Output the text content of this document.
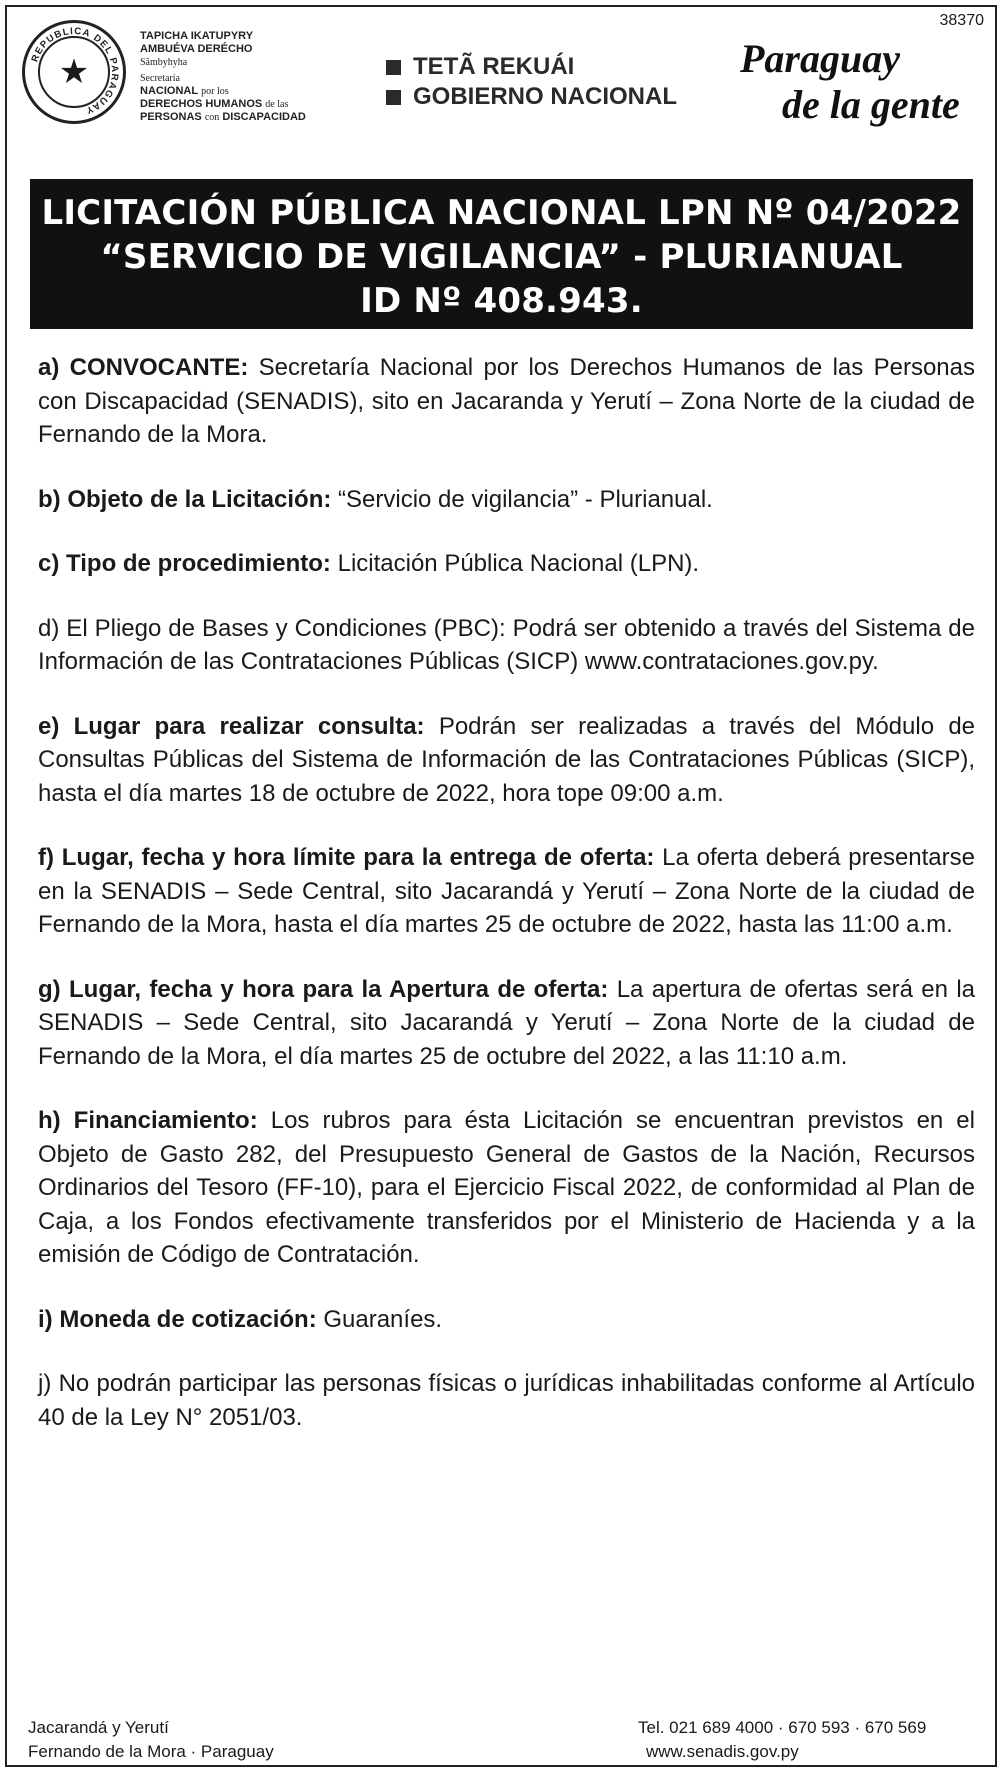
38370
REPUBLICA DEL PARAGUAY
★
TAPICHA IKATUPYRY
AMBUÉVA DERÉCHO
Sãmbyhyha
Secretaría
NACIONAL por los
DERECHOS HUMANOS de las
PERSONAS con DISCAPACIDAD
TETÃ REKUÁI
GOBIERNO NACIONAL
Paraguay
de la gente
LICITACIÓN PÚBLICA NACIONAL LPN Nº 04/2022
“SERVICIO DE VIGILANCIA” - PLURIANUAL
ID Nº 408.943.

a) CONVOCANTE: Secretaría Nacional por los Derechos Humanos de las Personas con Discapacidad (SENADIS), sito en Jacaranda y Yerutí – Zona Norte de la ciudad de Fernando de la Mora.

b) Objeto de la Licitación: “Servicio de vigilancia” - Plurianual.

c) Tipo de procedimiento: Licitación Pública Nacional (LPN).

d) El Pliego de Bases y Condiciones (PBC): Podrá ser obtenido a través del Sistema de Información de las Contrataciones Públicas (SICP) www.contrataciones.gov.py.

e) Lugar para realizar consulta: Podrán ser realizadas a través del Módulo de Consultas Públicas del Sistema de Información de las Contrataciones Públicas (SICP), hasta el día martes 18 de octubre de 2022, hora tope 09:00 a.m.

f) Lugar, fecha y hora límite para la entrega de oferta: La oferta deberá presentarse en la SENADIS – Sede Central, sito Jacarandá y Yerutí – Zona Norte de la ciudad de Fernando de la Mora, hasta el día martes 25 de octubre de 2022, hasta las 11:00 a.m.

g) Lugar, fecha y hora para la Apertura de oferta: La apertura de ofertas será en la SENADIS – Sede Central, sito Jacarandá y Yerutí – Zona Norte de la ciudad de Fernando de la Mora, el día martes 25 de octubre del 2022, a las 11:10 a.m.

h) Financiamiento: Los rubros para ésta Licitación se encuentran previstos en el Objeto de Gasto 282, del Presupuesto General de Gastos de la Nación, Recursos Ordinarios del Tesoro (FF-10), para el Ejercicio Fiscal 2022, de conformidad al Plan de Caja, a los Fondos efectivamente transferidos por el Ministerio de Hacienda y a la emisión de Código de Contratación.

i) Moneda de cotización: Guaraníes.

j) No podrán participar las personas físicas o jurídicas inhabilitadas conforme al Artículo 40 de la Ley N° 2051/03.

Jacarandá y Yerutí
Fernando de la Mora · Paraguay
Tel. 021 689 4000 · 670 593 · 670 569
www.senadis.gov.py
